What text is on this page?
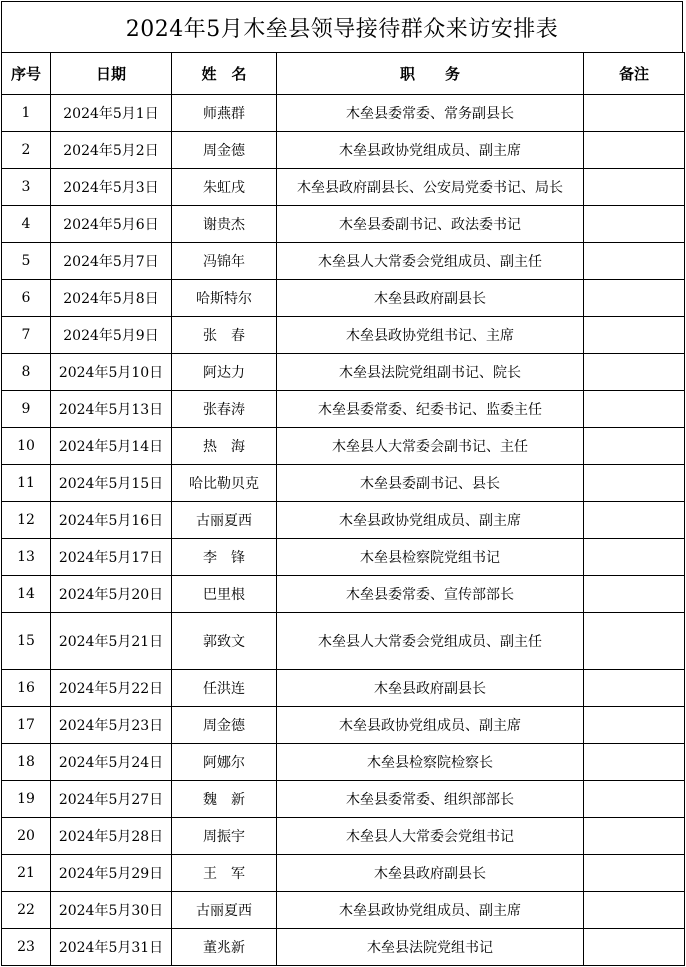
2024年5月木垒县领导接待群众来访安排表
序号	日期	姓　名	职　　务	备注
1	2024年5月1日	师燕群	木垒县委常委、常务副县长	
2	2024年5月2日	周金德	木垒县政协党组成员、副主席	
3	2024年5月3日	朱虹戌	木垒县政府副县长、公安局党委书记、局长	
4	2024年5月6日	谢贵杰	木垒县委副书记、政法委书记	
5	2024年5月7日	冯锦年	木垒县人大常委会党组成员、副主任	
6	2024年5月8日	哈斯特尔	木垒县政府副县长	
7	2024年5月9日	张　春	木垒县政协党组书记、主席	
8	2024年5月10日	阿达力	木垒县法院党组副书记、院长	
9	2024年5月13日	张春涛	木垒县委常委、纪委书记、监委主任	
10	2024年5月14日	热　海	木垒县人大常委会副书记、主任	
11	2024年5月15日	哈比勒贝克	木垒县委副书记、县长	
12	2024年5月16日	古丽夏西	木垒县政协党组成员、副主席	
13	2024年5月17日	李　锋	木垒县检察院党组书记	
14	2024年5月20日	巴里根	木垒县委常委、宣传部部长	
15	2024年5月21日	郭致文	木垒县人大常委会党组成员、副主任	
16	2024年5月22日	任洪连	木垒县政府副县长	
17	2024年5月23日	周金德	木垒县政协党组成员、副主席	
18	2024年5月24日	阿娜尔	木垒县检察院检察长	
19	2024年5月27日	魏　新	木垒县委常委、组织部部长	
20	2024年5月28日	周振宇	木垒县人大常委会党组书记	
21	2024年5月29日	王　军	木垒县政府副县长	
22	2024年5月30日	古丽夏西	木垒县政协党组成员、副主席	
23	2024年5月31日	董兆新	木垒县法院党组书记	
